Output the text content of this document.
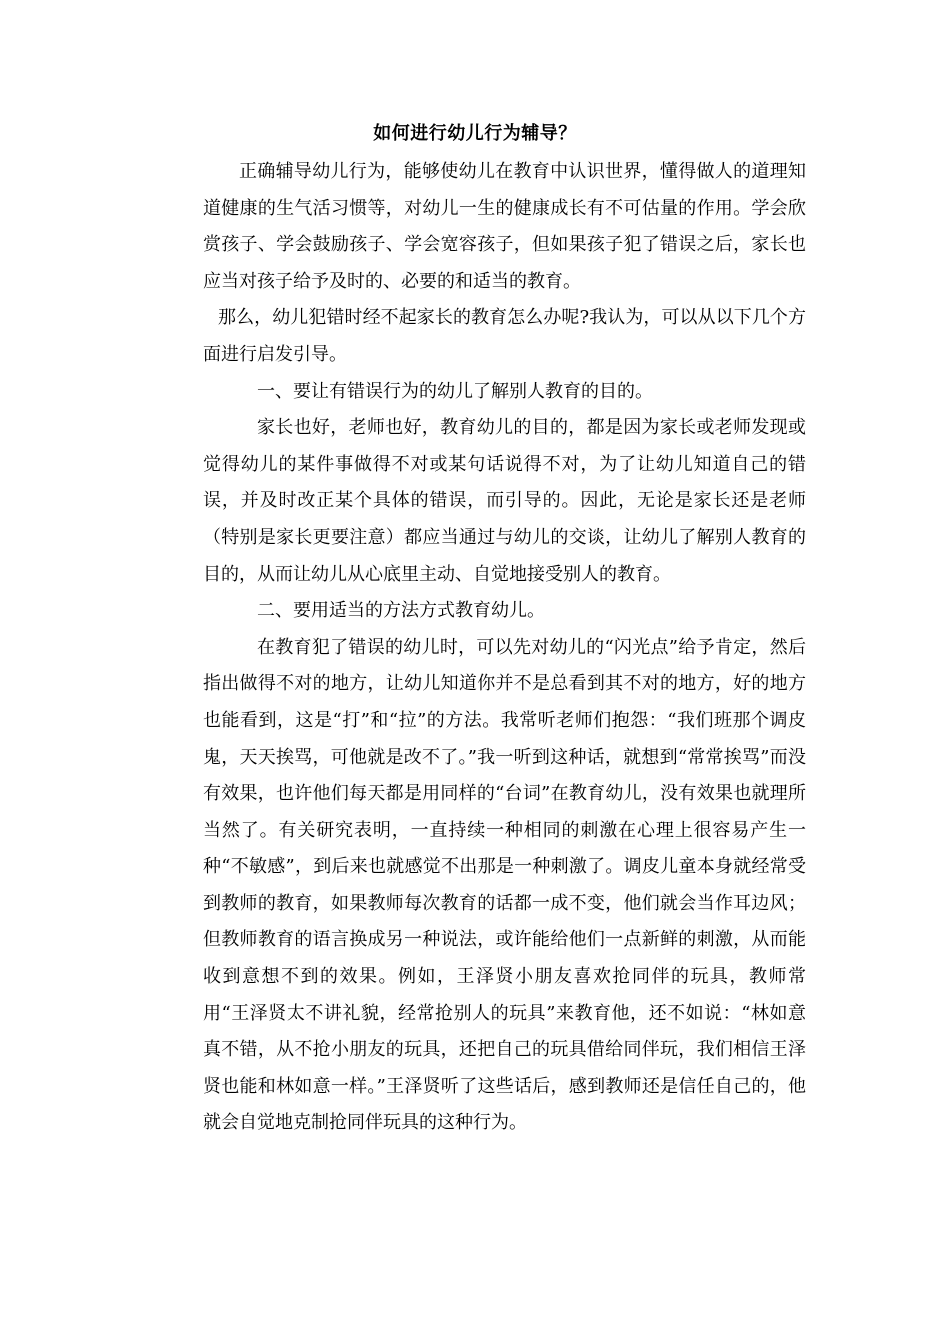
如何进行幼儿行为辅导？

正确辅导幼儿行为，能够使幼儿在教育中认识世界，懂得做人的道理知道健康的生气活习惯等，对幼儿一生的健康成长有不可估量的作用。学会欣赏孩子、学会鼓励孩子、学会宽容孩子，但如果孩子犯了错误之后，家长也应当对孩子给予及时的、必要的和适当的教育。

那么，幼儿犯错时经不起家长的教育怎么办呢?我认为，可以从以下几个方面进行启发引导。

一、要让有错误行为的幼儿了解别人教育的目的。

家长也好，老师也好，教育幼儿的目的，都是因为家长或老师发现或觉得幼儿的某件事做得不对或某句话说得不对，为了让幼儿知道自己的错误，并及时改正某个具体的错误，而引导的。因此，无论是家长还是老师（特别是家长更要注意）都应当通过与幼儿的交谈，让幼儿了解别人教育的目的，从而让幼儿从心底里主动、自觉地接受别人的教育。

二、要用适当的方法方式教育幼儿。

在教育犯了错误的幼儿时，可以先对幼儿的“闪光点”给予肯定，然后指出做得不对的地方，让幼儿知道你并不是总看到其不对的地方，好的地方也能看到，这是“打”和“拉”的方法。我常听老师们抱怨：“我们班那个调皮鬼，天天挨骂，可他就是改不了。”我一听到这种话，就想到“常常挨骂”而没有效果，也许他们每天都是用同样的“台词”在教育幼儿，没有效果也就理所当然了。有关研究表明，一直持续一种相同的刺激在心理上很容易产生一种“不敏感”，到后来也就感觉不出那是一种刺激了。调皮儿童本身就经常受到教师的教育，如果教师每次教育的话都一成不变，他们就会当作耳边风；但教师教育的语言换成另一种说法，或许能给他们一点新鲜的刺激，从而能收到意想不到的效果。例如，王泽贤小朋友喜欢抢同伴的玩具，教师常用“王泽贤太不讲礼貌，经常抢别人的玩具”来教育他，还不如说：“林如意真不错，从不抢小朋友的玩具，还把自己的玩具借给同伴玩，我们相信王泽贤也能和林如意一样。”王泽贤听了这些话后，感到教师还是信任自己的，他就会自觉地克制抢同伴玩具的这种行为。
